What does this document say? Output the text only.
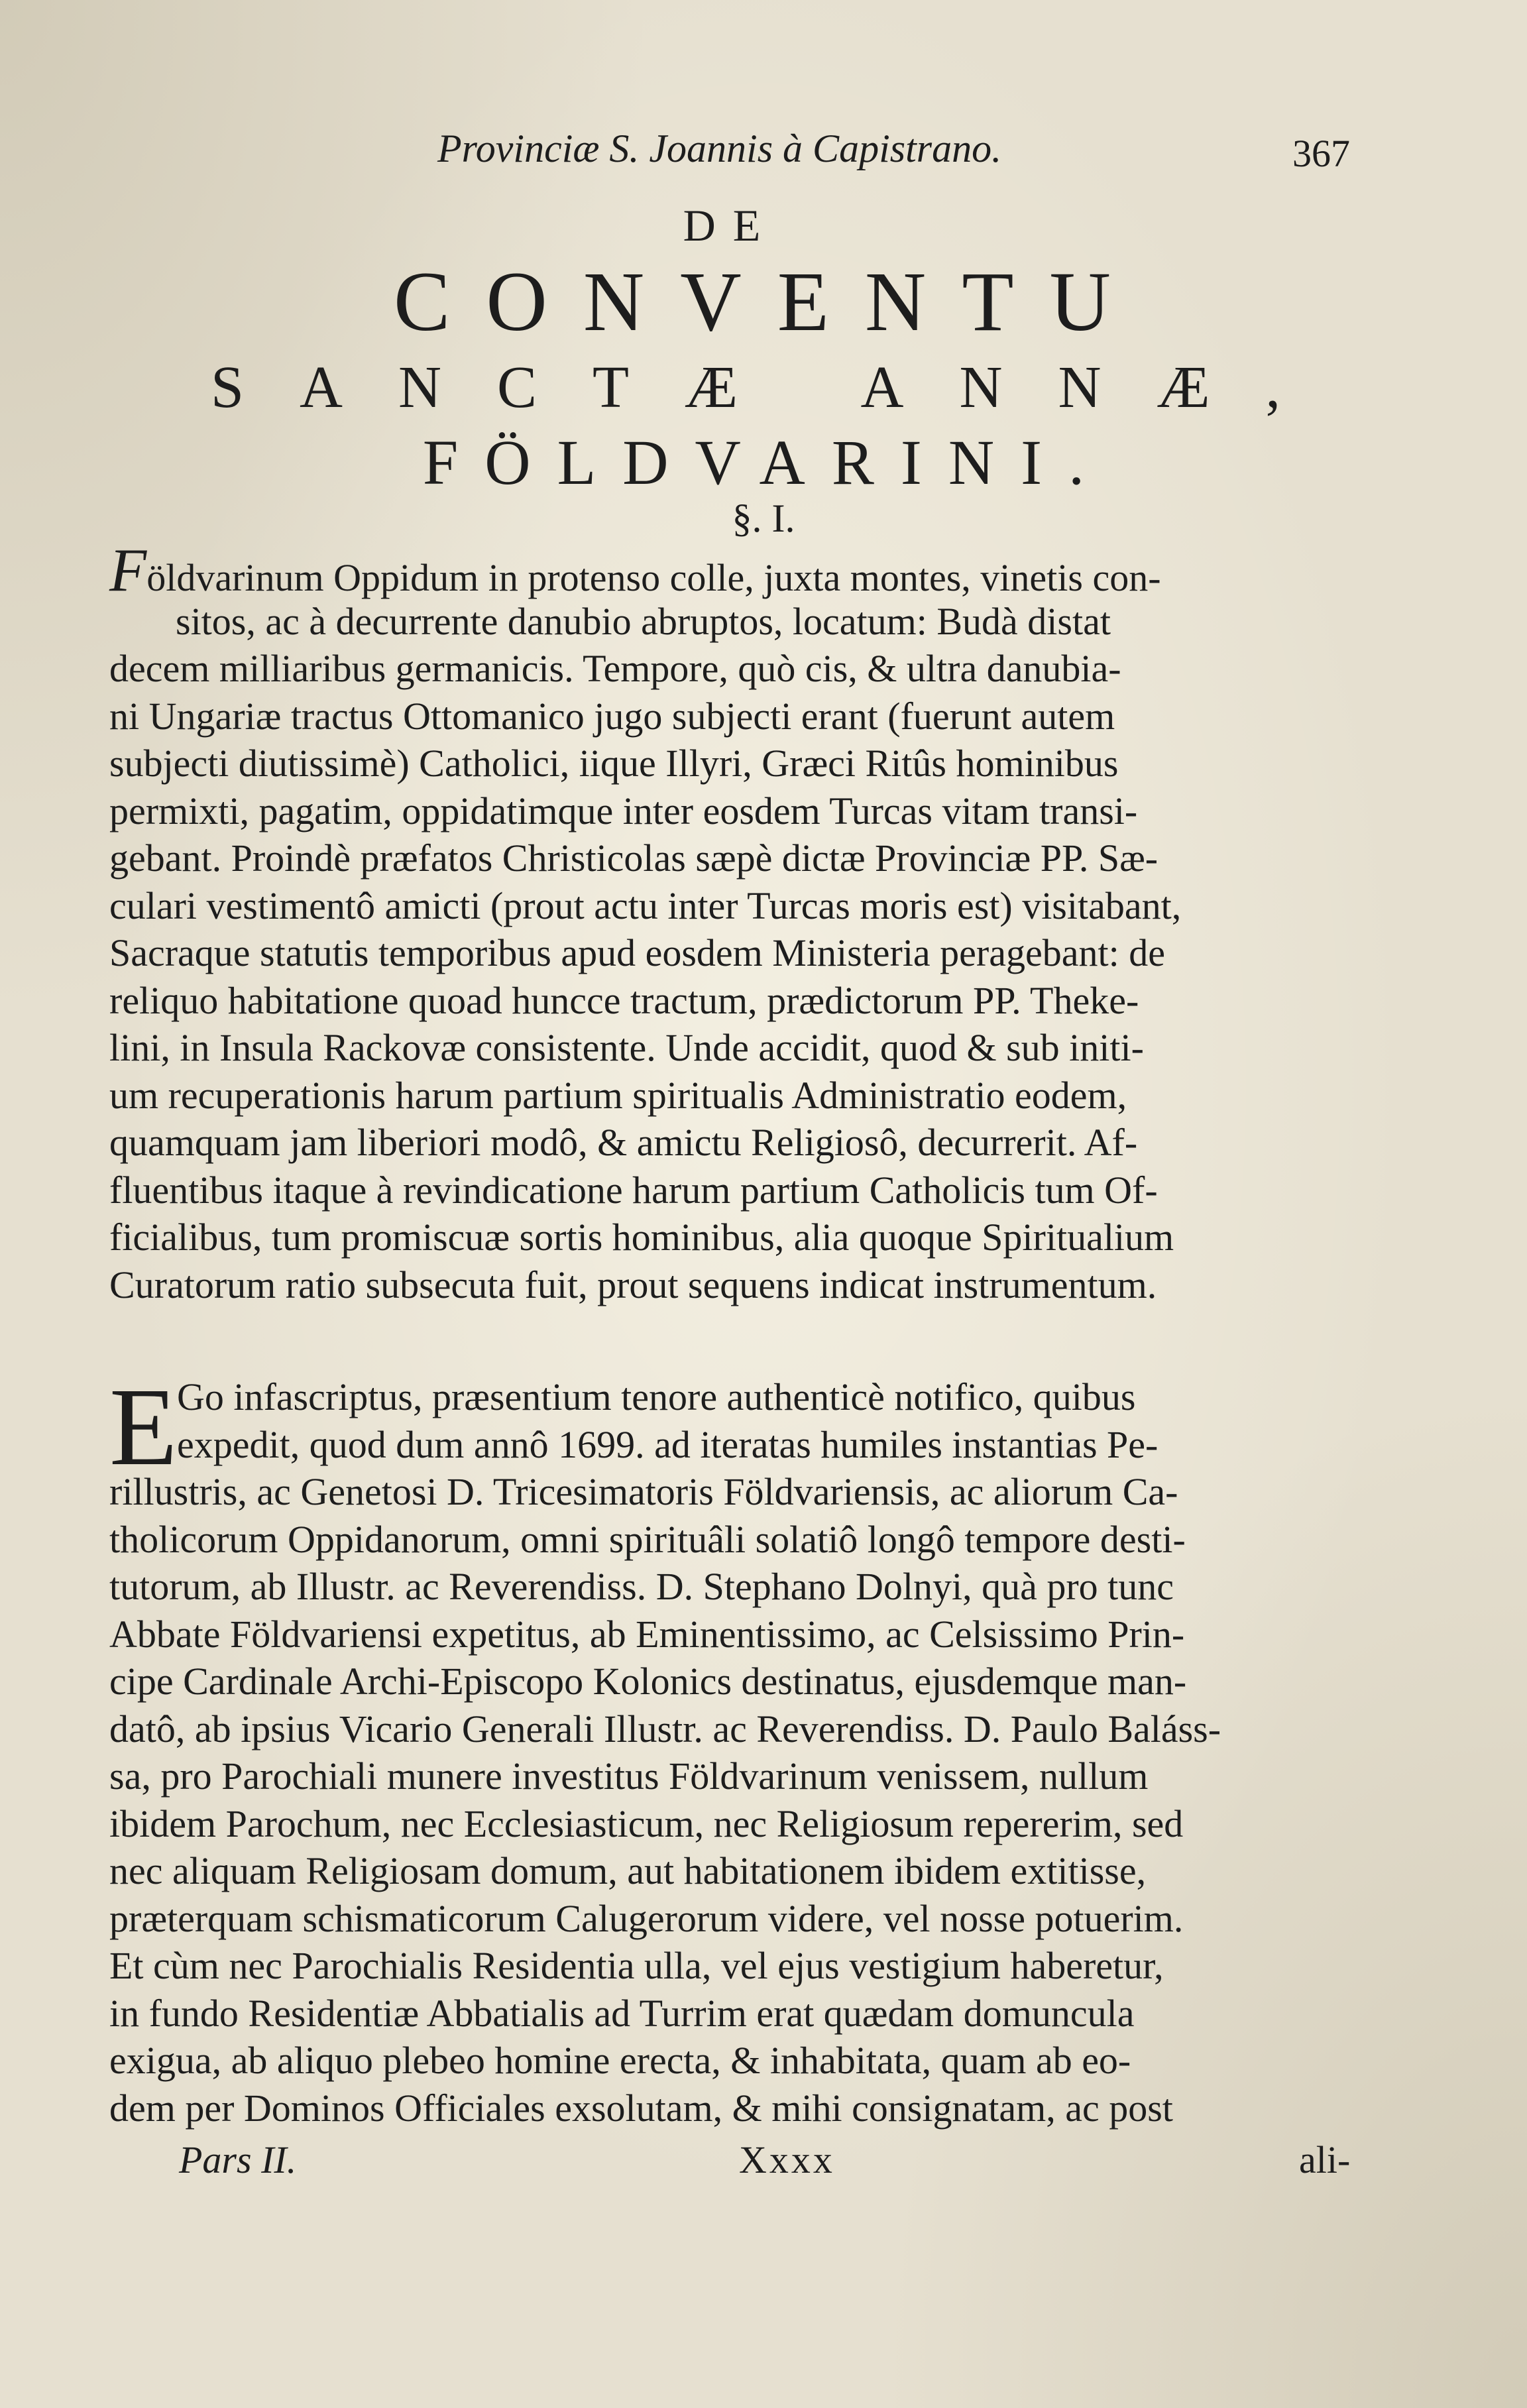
Provinciæ S. Joannis à Capistrano.	367
DE
CONVENTU
SANCTÆ ANNÆ,
FÖLDVARINI.
§. I.
Földvarinum Oppidum in protenso colle, juxta montes, vinetis con-
sitos, ac à decurrente danubio abruptos, locatum: Budà distat
decem milliaribus germanicis. Tempore, quò cis, & ultra danubia-
ni Ungariæ tractus Ottomanico jugo subjecti erant (fuerunt autem
subjecti diutissimè) Catholici, iique Illyri, Græci Ritûs hominibus
permixti, pagatim, oppidatimque inter eosdem Turcas vitam transi-
gebant. Proindè præfatos Christicolas sæpè dictæ Provinciæ PP. Sæ-
culari vestimentô amicti (prout actu inter Turcas moris est) visitabant,
Sacraque statutis temporibus apud eosdem Ministeria peragebant: de
reliquo habitatione quoad huncce tractum, prædictorum PP. Theke-
lini, in Insula Rackovæ consistente. Unde accidit, quod & sub initi-
um recuperationis harum partium spiritualis Administratio eodem,
quamquam jam liberiori modô, & amictu Religiosô, decurrerit. Af-
fluentibus itaque à revindicatione harum partium Catholicis tum Of-
ficialibus, tum promiscuæ sortis hominibus, alia quoque Spiritualium
Curatorum ratio subsecuta fuit, prout sequens indicat instrumentum.
E Go infascriptus, præsentium tenore authenticè notifico, quibus
expedit, quod dum annô 1699. ad iteratas humiles instantias Pe-
rillustris, ac Genetosi D. Tricesimatoris Földvariensis, ac aliorum Ca-
tholicorum Oppidanorum, omni spirituâli solatiô longô tempore desti-
tutorum, ab Illustr. ac Reverendiss. D. Stephano Dolnyi, quà pro tunc
Abbate Földvariensi expetitus, ab Eminentissimo, ac Celsissimo Prin-
cipe Cardinale Archi-Episcopo Kolonics destinatus, ejusdemque man-
datô, ab ipsius Vicario Generali Illustr. ac Reverendiss. D. Paulo Baláss-
sa, pro Parochiali munere investitus Földvarinum venissem, nullum
ibidem Parochum, nec Ecclesiasticum, nec Religiosum repererim, sed
nec aliquam Religiosam domum, aut habitationem ibidem extitisse,
præterquam schismaticorum Calugerorum videre, vel nosse potuerim.
Et cùm nec Parochialis Residentia ulla, vel ejus vestigium haberetur,
in fundo Residentiæ Abbatialis ad Turrim erat quædam domuncula
exigua, ab aliquo plebeo homine erecta, & inhabitata, quam ab eo-
dem per Dominos Officiales exsolutam, & mihi consignatam, ac post
Pars II.	Xxxx	ali-
